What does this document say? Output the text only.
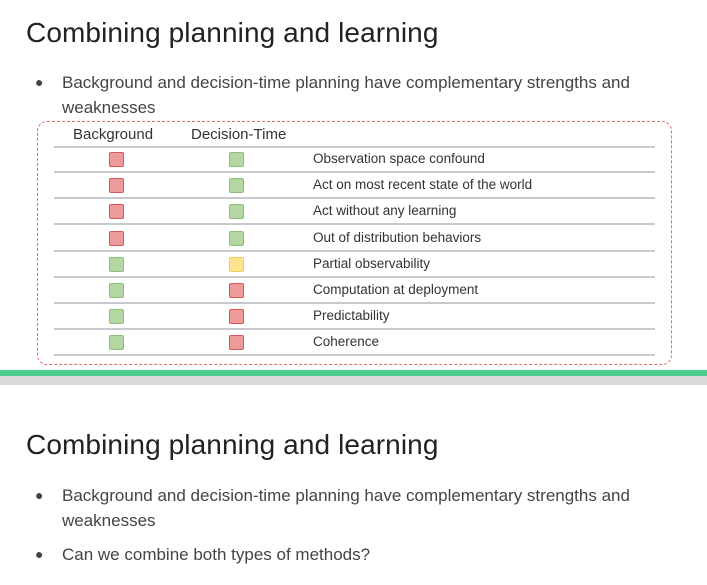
Combining planning and learning
● Background and decision-time planning have complementary strengths and weaknesses
Background	Decision-Time
Observation space confound
Act on most recent state of the world
Act without any learning
Out of distribution behaviors
Partial observability
Computation at deployment
Predictability
Coherence
Combining planning and learning
● Background and decision-time planning have complementary strengths and weaknesses
● Can we combine both types of methods?
